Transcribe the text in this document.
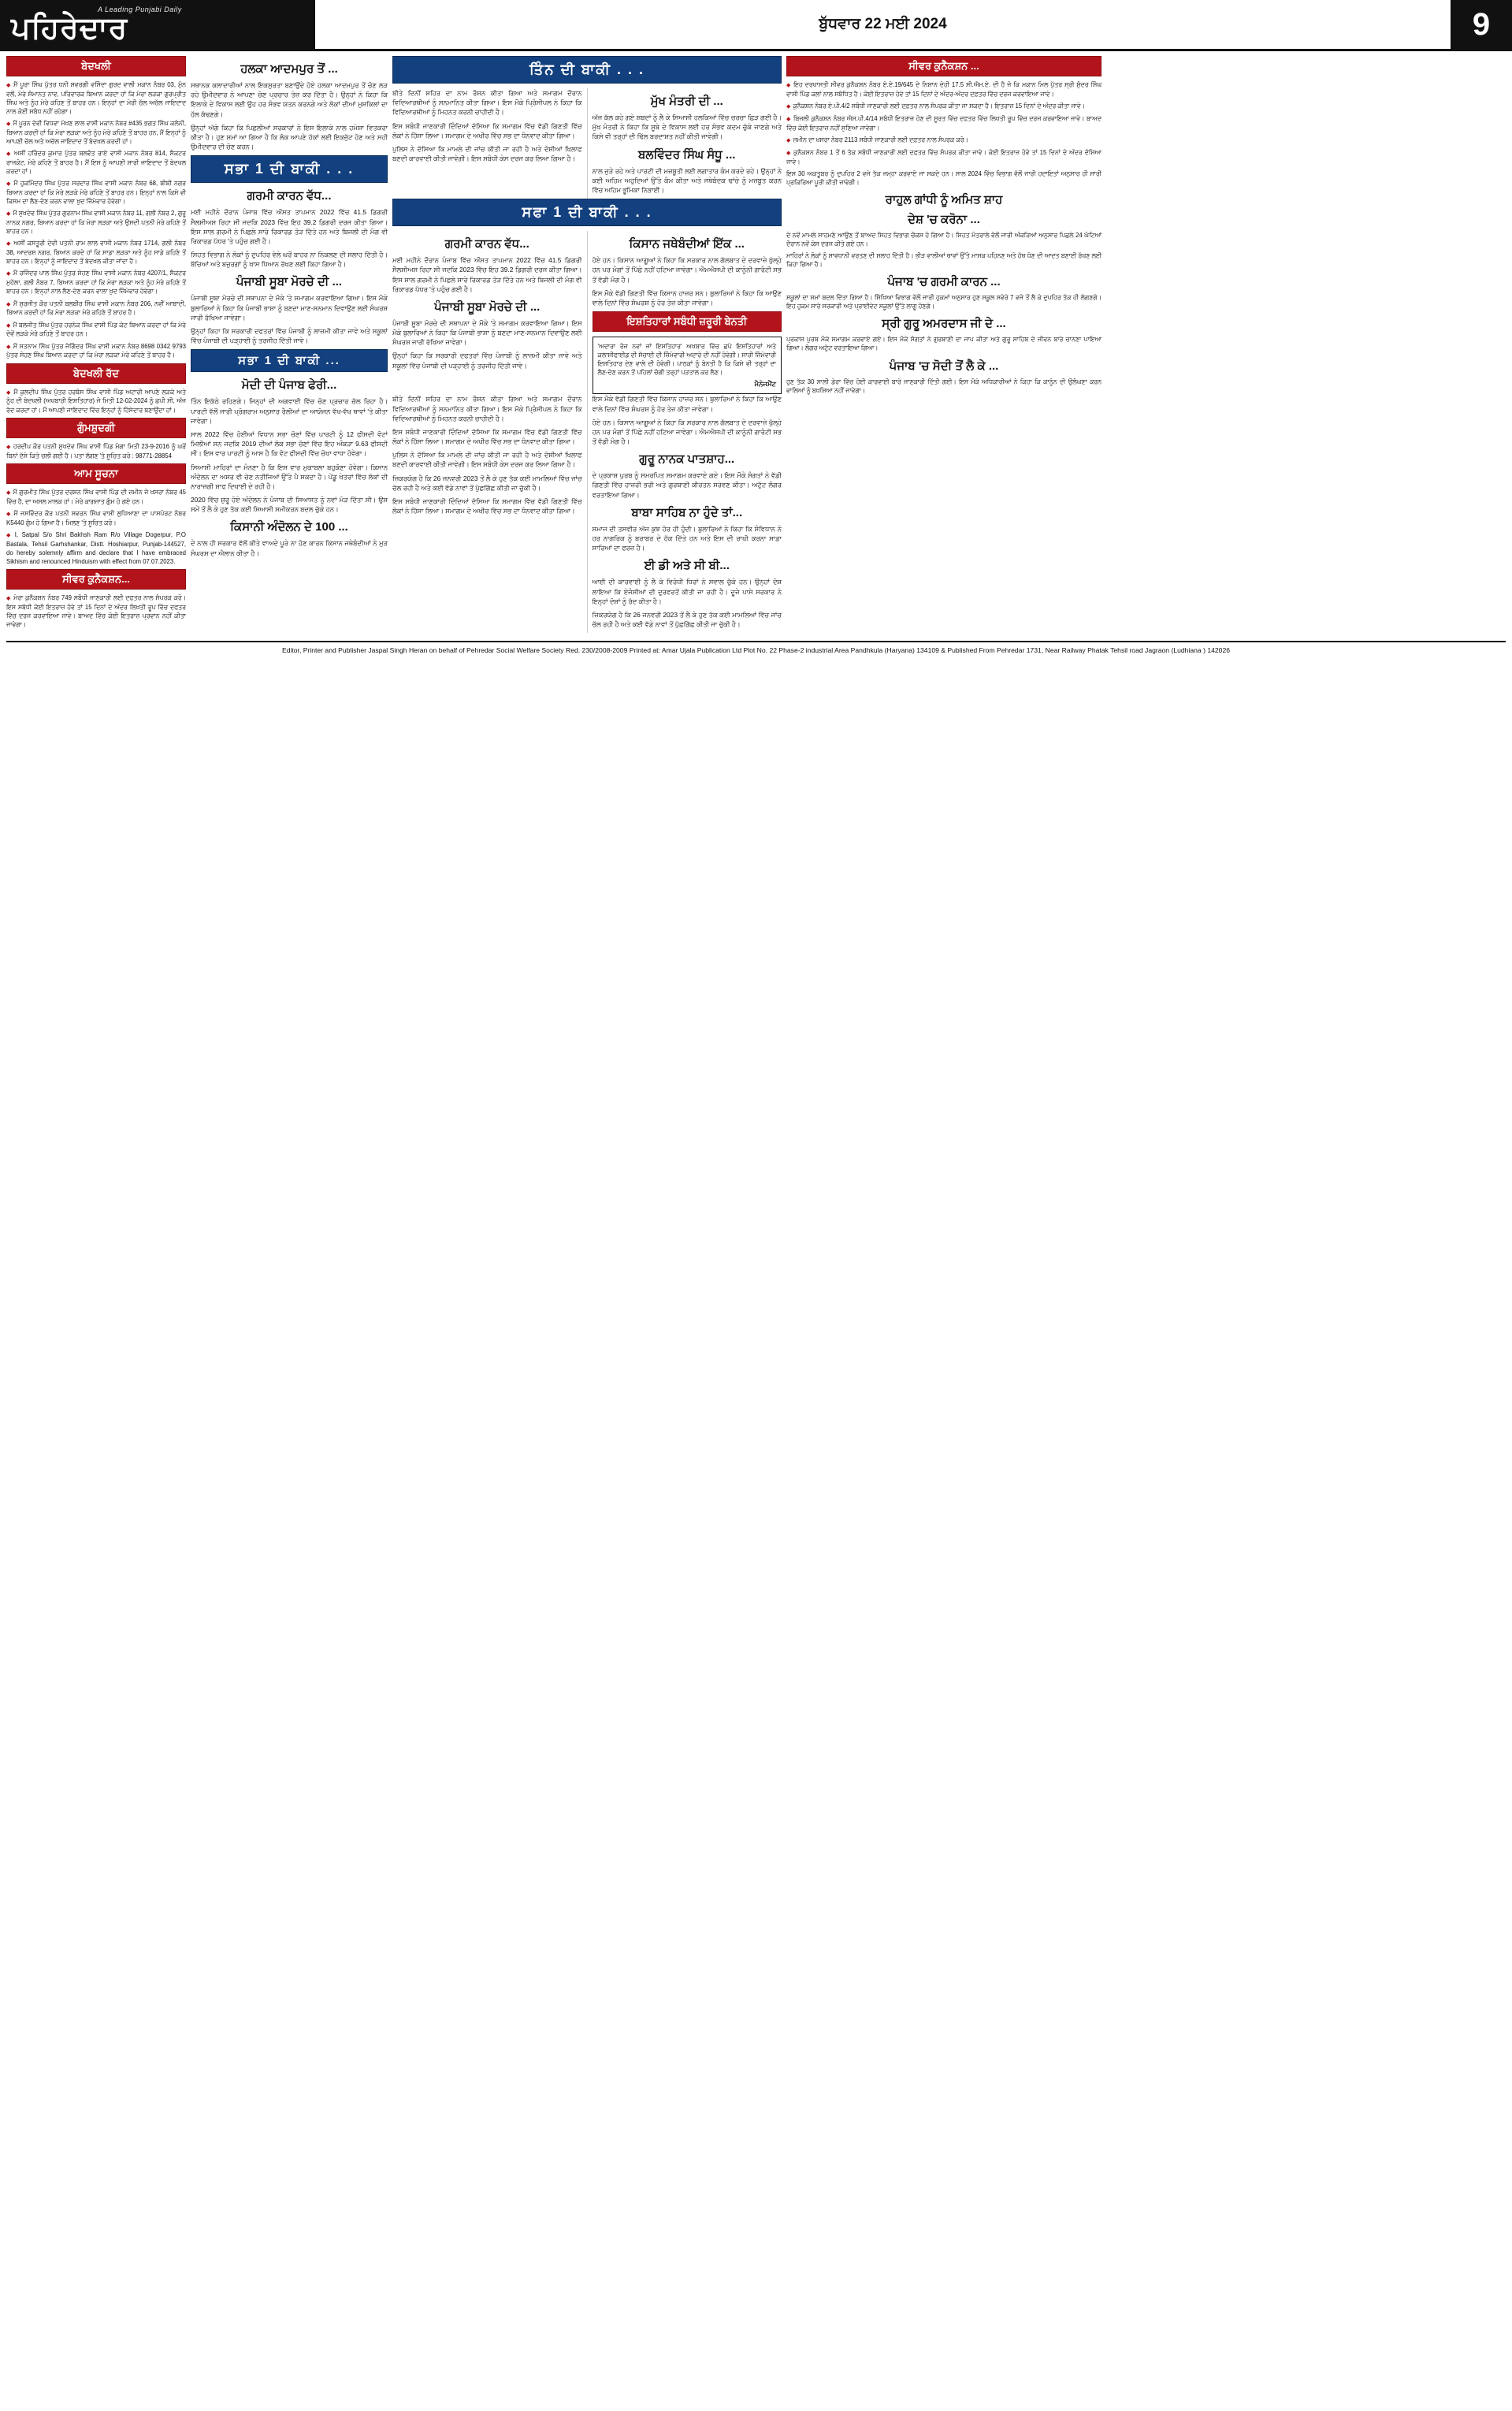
A Leading Punjabi Daily
ਪਹਿਰੇਦਾਰ	ਬੁੱਧਵਾਰ 22 ਮਈ 2024	9
ਬੇਦਖਲੀ

◆ ਮੈਂ ਪੂਰਾ ਸਿੰਘ ਪੁੱਤਰ ਧਨੀ ਸਵਰਗੀ ਵਸਿੰਦਾ ਗੁਰਦ ਵਾਲੀ ਮਕਾਨ ਨੰਬਰ 03, ਮੁੰਨ ਵਲੋਂ, ਮੇਰੇ ਸੰਮਾਨਤ ਨਾਵ, ਪਰਿਵਾਰਕ ਬਿਆਨ ਕਰਦਾ ਹਾਂ ਕਿ ਮੇਰਾ ਲੜਕਾ ਗੁਰਪ੍ਰੀਤ ਸਿੰਘ ਅਤੇ ਨੂੰਹ ਮੇਰੇ ਕਹਿਣ ਤੋਂ ਬਾਹਰ ਹਨ। ਇਨ੍ਹਾਂ ਦਾ ਮੇਰੀ ਚੱਲ ਅਚੱਲ ਜਾਇਦਾਦ ਨਾਲ ਕੋਈ ਸਬੰਧ ਨਹੀਂ ਰਹੇਗਾ।

◆ ਮੈਂ ਪੂਰਨ ਦੇਵੀ ਵਿਧਵਾ ਮੱਖਣ ਲਾਲ ਵਾਸੀ ਮਕਾਨ ਨੰਬਰ #435 ਭਗਤ ਸਿੰਘ ਕਲੋਨੀ, ਬਿਆਨ ਕਰਦੀ ਹਾਂ ਕਿ ਮੇਰਾ ਲੜਕਾ ਅਤੇ ਨੂੰਹ ਮੇਰੇ ਕਹਿਣੇ ਤੋਂ ਬਾਹਰ ਹਨ, ਮੈਂ ਇਨ੍ਹਾਂ ਨੂੰ ਆਪਣੀ ਚੱਲ ਅਤੇ ਅਚੱਲ ਜਾਇਦਾਦ ਤੋਂ ਬੇਦਖਲ ਕਰਦੀ ਹਾਂ।

◆ ਅਸੀਂ ਹਰਿੰਦਰ ਕੁਮਾਰ ਪੁੱਤਰ ਬਲਵੰਤ ਰਾਏ ਵਾਸੀ ਮਕਾਨ ਨੰਬਰ 814, ਸੈਕਟਰ ਰਾਜਕੋਟ, ਮੇਰੇ ਕਹਿਣੇ ਤੋਂ ਬਾਹਰ ਹੈ। ਮੈਂ ਇਸ ਨੂੰ ਆਪਣੀ ਸਾਰੀ ਜਾਇਦਾਦ ਤੋਂ ਬੇਦਖਲ ਕਰਦਾ ਹਾਂ।

◆ ਮੈਂ ਹੁਕਮਿੰਦਰ ਸਿੰਘ ਪੁੱਤਰ ਸਰਦਾਰ ਸਿੰਘ ਵਾਸੀ ਮਕਾਨ ਨੰਬਰ 68, ਬੀਬੀ ਨਗਰ ਬਿਆਨ ਕਰਦਾ ਹਾਂ ਕਿ ਮੇਰੇ ਲੜਕੇ ਮੇਰੇ ਕਹਿਣੇ ਤੋਂ ਬਾਹਰ ਹਨ। ਇਨ੍ਹਾਂ ਨਾਲ ਕਿਸੇ ਵੀ ਕਿਸਮ ਦਾ ਲੈਣ-ਦੇਣ ਕਰਨ ਵਾਲਾ ਖੁਦ ਜ਼ਿੰਮੇਵਾਰ ਹੋਵੇਗਾ।

◆ ਮੈਂ ਸੁਖਦੇਵ ਸਿੰਘ ਪੁੱਤਰ ਗੁਰਨਾਮ ਸਿੰਘ ਵਾਸੀ ਮਕਾਨ ਨੰਬਰ 11, ਗਲੀ ਨੰਬਰ 2, ਗੁਰੂ ਨਾਨਕ ਨਗਰ, ਬਿਆਨ ਕਰਦਾ ਹਾਂ ਕਿ ਮੇਰਾ ਲੜਕਾ ਅਤੇ ਉਸਦੀ ਪਤਨੀ ਮੇਰੇ ਕਹਿਣੇ ਤੋਂ ਬਾਹਰ ਹਨ।

◆ ਅਸੀਂ ਕਸਤੂਰੀ ਦੇਵੀ ਪਤਨੀ ਰਾਮ ਲਾਲ ਵਾਸੀ ਮਕਾਨ ਨੰਬਰ 1714, ਗਲੀ ਨੰਬਰ 38, ਆਦਰਸ਼ ਨਗਰ, ਬਿਆਨ ਕਰਦੇ ਹਾਂ ਕਿ ਸਾਡਾ ਲੜਕਾ ਅਤੇ ਨੂੰਹ ਸਾਡੇ ਕਹਿਣੇ ਤੋਂ ਬਾਹਰ ਹਨ। ਇਨ੍ਹਾਂ ਨੂੰ ਜਾਇਦਾਦ ਤੋਂ ਬੇਦਖਲ ਕੀਤਾ ਜਾਂਦਾ ਹੈ।

◆ ਮੈਂ ਰਜਿੰਦਰ ਪਾਲ ਸਿੰਘ ਪੁੱਤਰ ਸੋਹਣ ਸਿੰਘ ਵਾਸੀ ਮਕਾਨ ਨੰਬਰ 4207/1, ਸੈਕਟਰ ਮੁਹੱਲਾ, ਗਲੀ ਨੰਬਰ 7, ਬਿਆਨ ਕਰਦਾ ਹਾਂ ਕਿ ਮੇਰਾ ਲੜਕਾ ਅਤੇ ਨੂੰਹ ਮੇਰੇ ਕਹਿਣੇ ਤੋਂ ਬਾਹਰ ਹਨ। ਇਨ੍ਹਾਂ ਨਾਲ ਲੈਣ-ਦੇਣ ਕਰਨ ਵਾਲਾ ਖੁਦ ਜ਼ਿੰਮੇਵਾਰ ਹੋਵੇਗਾ।

◆ ਮੈਂ ਸੁਰਜੀਤ ਕੌਰ ਪਤਨੀ ਬਲਬੀਰ ਸਿੰਘ ਵਾਸੀ ਮਕਾਨ ਨੰਬਰ 206, ਨਵੀਂ ਆਬਾਦੀ, ਬਿਆਨ ਕਰਦੀ ਹਾਂ ਕਿ ਮੇਰਾ ਲੜਕਾ ਮੇਰੇ ਕਹਿਣੇ ਤੋਂ ਬਾਹਰ ਹੈ।

◆ ਮੈਂ ਬਲਜੀਤ ਸਿੰਘ ਪੁੱਤਰ ਹਰਨੇਕ ਸਿੰਘ ਵਾਸੀ ਪਿੰਡ ਕੋਟ ਬਿਆਨ ਕਰਦਾ ਹਾਂ ਕਿ ਮੇਰੇ ਦੋਵੇਂ ਲੜਕੇ ਮੇਰੇ ਕਹਿਣੇ ਤੋਂ ਬਾਹਰ ਹਨ।

◆ ਮੈਂ ਸਤਨਾਮ ਸਿੰਘ ਪੁੱਤਰ ਜੋਗਿੰਦਰ ਸਿੰਘ ਵਾਸੀ ਮਕਾਨ ਨੰਬਰ 8698 0342 9793 ਪੁੱਤਰ ਸੋਹਣ ਸਿੰਘ ਬਿਆਨ ਕਰਦਾ ਹਾਂ ਕਿ ਮੇਰਾ ਲੜਕਾ ਮੇਰੇ ਕਹਿਣੇ ਤੋਂ ਬਾਹਰ ਹੈ।

ਬੇਦਖਲੀ ਰੱਦ

◆ ਮੈਂ ਕੁਲਦੀਪ ਸਿੰਘ ਪੁੱਤਰ ਹਰਬੰਸ ਸਿੰਘ ਵਾਸੀ ਪਿੰਡ ਅਟਾਰੀ ਆਪਣੇ ਲੜਕੇ ਅਤੇ ਨੂੰਹ ਦੀ ਬੇਦਖਲੀ (ਅਖਬਾਰੀ ਇਸ਼ਤਿਹਾਰ) ਜੋ ਮਿਤੀ 12-02-2024 ਨੂੰ ਛਪੀ ਸੀ, ਅੱਜ ਰੱਦ ਕਰਦਾ ਹਾਂ। ਮੈਂ ਆਪਣੀ ਜਾਇਦਾਦ ਵਿੱਚ ਇਨ੍ਹਾਂ ਨੂੰ ਹਿੱਸੇਦਾਰ ਬਣਾਉਂਦਾ ਹਾਂ।

ਗੁੰਮਸ਼ੁਦਗੀ

◆ ਹਰਦੀਪ ਕੌਰ ਪਤਨੀ ਸੁਖਦੇਵ ਸਿੰਘ ਵਾਸੀ ਪਿੰਡ ਮੋਗਾ ਮਿਤੀ 23-9-2016 ਨੂੰ ਘਰੋਂ ਬਿਨਾਂ ਦੱਸੇ ਕਿਤੇ ਚਲੀ ਗਈ ਹੈ। ਪਤਾ ਲੱਗਣ 'ਤੇ ਸੂਚਿਤ ਕਰੋ : 98771-28854

ਆਮ ਸੂਚਨਾ

◆ ਮੈਂ ਗੁਰਮੀਤ ਸਿੰਘ ਪੁੱਤਰ ਦਰਸ਼ਨ ਸਿੰਘ ਵਾਸੀ ਪਿੰਡ ਦੀ ਜ਼ਮੀਨ ਜੋ ਖਸਰਾ ਨੰਬਰ 45 ਵਿੱਚ ਹੈ, ਦਾ ਅਸਲ ਮਾਲਕ ਹਾਂ। ਮੇਰੇ ਕਾਗਜ਼ਾਤ ਗੁੰਮ ਹੋ ਗਏ ਹਨ।

◆ ਮੈਂ ਜਸਵਿੰਦਰ ਕੌਰ ਪਤਨੀ ਸਵਰਨ ਸਿੰਘ ਵਾਸੀ ਲੁਧਿਆਣਾ ਦਾ ਪਾਸਪੋਰਟ ਨੰਬਰ K5440 ਗੁੰਮ ਹੋ ਗਿਆ ਹੈ। ਮਿਲਣ 'ਤੇ ਸੂਚਿਤ ਕਰੋ।

◆ I, Satpal S/o Shri Bakhsh Ram R/o Village Dogerpur, P.O Bastala, Tehsil Garhshankar, Distt. Hoshiarpur, Punjab-144527, do hereby solemnly affirm and declare that I have embraced Sikhism and renounced Hinduism with effect from 07.07.2023.

ਸੀਵਰ ਕੁਨੈਕਸ਼ਨ...

◆ ਮੇਰਾ ਕੁਨੈਕਸ਼ਨ ਨੰਬਰ 749 ਸਬੰਧੀ ਜਾਣਕਾਰੀ ਲਈ ਦਫਤਰ ਨਾਲ ਸੰਪਰਕ ਕਰੋ। ਇਸ ਸਬੰਧੀ ਕੋਈ ਇਤਰਾਜ਼ ਹੋਵੇ ਤਾਂ 15 ਦਿਨਾਂ ਦੇ ਅੰਦਰ ਲਿਖਤੀ ਰੂਪ ਵਿੱਚ ਦਫਤਰ ਵਿੱਚ ਦਰਜ ਕਰਵਾਇਆ ਜਾਵੇ। ਬਾਅਦ ਵਿੱਚ ਕੋਈ ਇਤਰਾਜ਼ ਪ੍ਰਵਾਨ ਨਹੀਂ ਕੀਤਾ ਜਾਵੇਗਾ।

ਹਲਕਾ ਆਦਮਪੁਰ ਤੋਂ ...

ਸਥਾਨਕ ਕਲਾਦਾਰੀਆਂ ਨਾਲ ਇਕਸੁਰਤਾ ਬਣਾਉਂਦੇ ਹੋਏ ਹਲਕਾ ਆਦਮਪੁਰ ਤੋਂ ਚੋਣ ਲੜ ਰਹੇ ਉਮੀਦਵਾਰ ਨੇ ਆਪਣਾ ਚੋਣ ਪ੍ਰਚਾਰ ਤੇਜ਼ ਕਰ ਦਿੱਤਾ ਹੈ। ਉਨ੍ਹਾਂ ਨੇ ਕਿਹਾ ਕਿ ਇਲਾਕੇ ਦੇ ਵਿਕਾਸ ਲਈ ਉਹ ਹਰ ਸੰਭਵ ਯਤਨ ਕਰਨਗੇ ਅਤੇ ਲੋਕਾਂ ਦੀਆਂ ਮੁਸ਼ਕਿਲਾਂ ਦਾ ਹੱਲ ਕੱਢਣਗੇ।

ਉਨ੍ਹਾਂ ਅੱਗੇ ਕਿਹਾ ਕਿ ਪਿਛਲੀਆਂ ਸਰਕਾਰਾਂ ਨੇ ਇਸ ਇਲਾਕੇ ਨਾਲ ਹਮੇਸ਼ਾ ਵਿਤਕਰਾ ਕੀਤਾ ਹੈ। ਹੁਣ ਸਮਾਂ ਆ ਗਿਆ ਹੈ ਕਿ ਲੋਕ ਆਪਣੇ ਹੱਕਾਂ ਲਈ ਇਕਜੁੱਟ ਹੋਣ ਅਤੇ ਸਹੀ ਉਮੀਦਵਾਰ ਦੀ ਚੋਣ ਕਰਨ।

ਸਭਾ 1 ਦੀ ਬਾਕੀ . . .
ਗਰਮੀ ਕਾਰਨ ਵੱਧ...

ਮਈ ਮਹੀਨੇ ਦੌਰਾਨ ਪੰਜਾਬ ਵਿੱਚ ਔਸਤ ਤਾਪਮਾਨ 2022 ਵਿੱਚ 41.5 ਡਿਗਰੀ ਸੈਲਸੀਅਸ ਰਿਹਾ ਸੀ ਜਦਕਿ 2023 ਵਿੱਚ ਇਹ 39.2 ਡਿਗਰੀ ਦਰਜ ਕੀਤਾ ਗਿਆ। ਇਸ ਸਾਲ ਗਰਮੀ ਨੇ ਪਿਛਲੇ ਸਾਰੇ ਰਿਕਾਰਡ ਤੋੜ ਦਿੱਤੇ ਹਨ ਅਤੇ ਬਿਜਲੀ ਦੀ ਮੰਗ ਵੀ ਰਿਕਾਰਡ ਪੱਧਰ 'ਤੇ ਪਹੁੰਚ ਗਈ ਹੈ।

ਸਿਹਤ ਵਿਭਾਗ ਨੇ ਲੋਕਾਂ ਨੂੰ ਦੁਪਹਿਰ ਵੇਲੇ ਘਰੋਂ ਬਾਹਰ ਨਾ ਨਿਕਲਣ ਦੀ ਸਲਾਹ ਦਿੱਤੀ ਹੈ। ਬੱਚਿਆਂ ਅਤੇ ਬਜ਼ੁਰਗਾਂ ਨੂੰ ਖਾਸ ਧਿਆਨ ਰੱਖਣ ਲਈ ਕਿਹਾ ਗਿਆ ਹੈ।

ਪੰਜਾਬੀ ਸੂਬਾ ਮੋਰਚੇ ਦੀ ...

ਪੰਜਾਬੀ ਸੂਬਾ ਮੋਰਚੇ ਦੀ ਸਥਾਪਨਾ ਦੇ ਮੌਕੇ 'ਤੇ ਸਮਾਗਮ ਕਰਵਾਇਆ ਗਿਆ। ਇਸ ਮੌਕੇ ਬੁਲਾਰਿਆਂ ਨੇ ਕਿਹਾ ਕਿ ਪੰਜਾਬੀ ਭਾਸ਼ਾ ਨੂੰ ਬਣਦਾ ਮਾਣ-ਸਨਮਾਨ ਦਿਵਾਉਣ ਲਈ ਸੰਘਰਸ਼ ਜਾਰੀ ਰੱਖਿਆ ਜਾਵੇਗਾ।

ਉਨ੍ਹਾਂ ਕਿਹਾ ਕਿ ਸਰਕਾਰੀ ਦਫਤਰਾਂ ਵਿੱਚ ਪੰਜਾਬੀ ਨੂੰ ਲਾਜ਼ਮੀ ਕੀਤਾ ਜਾਵੇ ਅਤੇ ਸਕੂਲਾਂ ਵਿੱਚ ਪੰਜਾਬੀ ਦੀ ਪੜ੍ਹਾਈ ਨੂੰ ਤਰਜੀਹ ਦਿੱਤੀ ਜਾਵੇ।

ਸਭਾ 1 ਦੀ ਬਾਕੀ ...
ਮੋਦੀ ਦੀ ਪੰਜਾਬ ਫੇਰੀ...

ਤਿੰਨ ਇਕੱਠੇ ਰਹਿਣਗੇ। ਜਿਨ੍ਹਾਂ ਦੀ ਅਗਵਾਈ ਵਿੱਚ ਚੋਣ ਪ੍ਰਚਾਰ ਚੱਲ ਰਿਹਾ ਹੈ। ਪਾਰਟੀ ਵੱਲੋਂ ਜਾਰੀ ਪ੍ਰੋਗਰਾਮ ਅਨੁਸਾਰ ਰੈਲੀਆਂ ਦਾ ਆਯੋਜਨ ਵੱਖ-ਵੱਖ ਥਾਵਾਂ 'ਤੇ ਕੀਤਾ ਜਾਵੇਗਾ।

ਸਾਲ 2022 ਵਿੱਚ ਹੋਈਆਂ ਵਿਧਾਨ ਸਭਾ ਚੋਣਾਂ ਵਿੱਚ ਪਾਰਟੀ ਨੂੰ 12 ਫੀਸਦੀ ਵੋਟਾਂ ਮਿਲੀਆਂ ਸਨ ਜਦਕਿ 2019 ਦੀਆਂ ਲੋਕ ਸਭਾ ਚੋਣਾਂ ਵਿੱਚ ਇਹ ਅੰਕੜਾ 9.63 ਫੀਸਦੀ ਸੀ। ਇਸ ਵਾਰ ਪਾਰਟੀ ਨੂੰ ਆਸ ਹੈ ਕਿ ਵੋਟ ਫੀਸਦੀ ਵਿੱਚ ਚੋਖਾ ਵਾਧਾ ਹੋਵੇਗਾ।

ਸਿਆਸੀ ਮਾਹਿਰਾਂ ਦਾ ਮੰਨਣਾ ਹੈ ਕਿ ਇਸ ਵਾਰ ਮੁਕਾਬਲਾ ਬਹੁਕੋਣਾ ਹੋਵੇਗਾ। ਕਿਸਾਨ ਅੰਦੋਲਨ ਦਾ ਅਸਰ ਵੀ ਚੋਣ ਨਤੀਜਿਆਂ ਉੱਤੇ ਪੈ ਸਕਦਾ ਹੈ। ਪੇਂਡੂ ਖੇਤਰਾਂ ਵਿੱਚ ਲੋਕਾਂ ਦੀ ਨਾਰਾਜ਼ਗੀ ਸਾਫ ਦਿਖਾਈ ਦੇ ਰਹੀ ਹੈ।

2020 ਵਿੱਚ ਸ਼ੁਰੂ ਹੋਏ ਅੰਦੋਲਨ ਨੇ ਪੰਜਾਬ ਦੀ ਸਿਆਸਤ ਨੂੰ ਨਵਾਂ ਮੋੜ ਦਿੱਤਾ ਸੀ। ਉਸ ਸਮੇਂ ਤੋਂ ਲੈ ਕੇ ਹੁਣ ਤੱਕ ਕਈ ਸਿਆਸੀ ਸਮੀਕਰਨ ਬਦਲ ਚੁੱਕੇ ਹਨ।

ਕਿਸਾਨੀ ਅੰਦੋਲਨ ਦੇ 100 ...

ਦੇ ਨਾਲ ਹੀ ਸਰਕਾਰ ਵੱਲੋਂ ਕੀਤੇ ਵਾਅਦੇ ਪੂਰੇ ਨਾ ਹੋਣ ਕਾਰਨ ਕਿਸਾਨ ਜਥੇਬੰਦੀਆਂ ਨੇ ਮੁੜ ਸੰਘਰਸ਼ ਦਾ ਐਲਾਨ ਕੀਤਾ ਹੈ।

ਤਿੰਨ ਦੀ ਬਾਕੀ . . .

ਬੀਤੇ ਦਿਨੀਂ ਸ਼ਹਿਰ ਦਾ ਨਾਮ ਰੌਸ਼ਨ ਕੀਤਾ ਗਿਆ ਅਤੇ ਸਮਾਗਮ ਦੌਰਾਨ ਵਿਦਿਆਰਥੀਆਂ ਨੂੰ ਸਨਮਾਨਿਤ ਕੀਤਾ ਗਿਆ। ਇਸ ਮੌਕੇ ਪ੍ਰਿੰਸੀਪਲ ਨੇ ਕਿਹਾ ਕਿ ਵਿਦਿਆਰਥੀਆਂ ਨੂੰ ਮਿਹਨਤ ਕਰਨੀ ਚਾਹੀਦੀ ਹੈ।

ਇਸ ਸਬੰਧੀ ਜਾਣਕਾਰੀ ਦਿੰਦਿਆਂ ਦੱਸਿਆ ਕਿ ਸਮਾਗਮ ਵਿੱਚ ਵੱਡੀ ਗਿਣਤੀ ਵਿੱਚ ਲੋਕਾਂ ਨੇ ਹਿੱਸਾ ਲਿਆ। ਸਮਾਗਮ ਦੇ ਅਖੀਰ ਵਿੱਚ ਸਭ ਦਾ ਧੰਨਵਾਦ ਕੀਤਾ ਗਿਆ।

ਪੁਲਿਸ ਨੇ ਦੱਸਿਆ ਕਿ ਮਾਮਲੇ ਦੀ ਜਾਂਚ ਕੀਤੀ ਜਾ ਰਹੀ ਹੈ ਅਤੇ ਦੋਸ਼ੀਆਂ ਖਿਲਾਫ ਬਣਦੀ ਕਾਰਵਾਈ ਕੀਤੀ ਜਾਵੇਗੀ। ਇਸ ਸਬੰਧੀ ਕੇਸ ਦਰਜ ਕਰ ਲਿਆ ਗਿਆ ਹੈ।

ਮੁੱਖ ਮੰਤਰੀ ਦੀ ...

ਅੱਜ ਕੱਲ ਕਹੇ ਗਏ ਸ਼ਬਦਾਂ ਨੂੰ ਲੈ ਕੇ ਸਿਆਸੀ ਹਲਕਿਆਂ ਵਿੱਚ ਚਰਚਾ ਛਿੜ ਗਈ ਹੈ। ਮੁੱਖ ਮੰਤਰੀ ਨੇ ਕਿਹਾ ਕਿ ਸੂਬੇ ਦੇ ਵਿਕਾਸ ਲਈ ਹਰ ਸੰਭਵ ਕਦਮ ਚੁੱਕੇ ਜਾਣਗੇ ਅਤੇ ਕਿਸੇ ਵੀ ਤਰ੍ਹਾਂ ਦੀ ਢਿੱਲ ਬਰਦਾਸ਼ਤ ਨਹੀਂ ਕੀਤੀ ਜਾਵੇਗੀ।

ਬਲਵਿੰਦਰ ਸਿੰਘ ਸੰਧੂ ...

ਨਾਲ ਜੁੜੇ ਰਹੇ ਅਤੇ ਪਾਰਟੀ ਦੀ ਮਜ਼ਬੂਤੀ ਲਈ ਲਗਾਤਾਰ ਕੰਮ ਕਰਦੇ ਰਹੇ। ਉਨ੍ਹਾਂ ਨੇ ਕਈ ਅਹਿਮ ਅਹੁਦਿਆਂ ਉੱਤੇ ਕੰਮ ਕੀਤਾ ਅਤੇ ਜਥੇਬੰਦਕ ਢਾਂਚੇ ਨੂੰ ਮਜ਼ਬੂਤ ਕਰਨ ਵਿੱਚ ਅਹਿਮ ਭੂਮਿਕਾ ਨਿਭਾਈ।

ਸਫਾ 1 ਦੀ ਬਾਕੀ . . .
ਗਰਮੀ ਕਾਰਨ ਵੱਧ...

ਮਈ ਮਹੀਨੇ ਦੌਰਾਨ ਪੰਜਾਬ ਵਿੱਚ ਔਸਤ ਤਾਪਮਾਨ 2022 ਵਿੱਚ 41.5 ਡਿਗਰੀ ਸੈਲਸੀਅਸ ਰਿਹਾ ਸੀ ਜਦਕਿ 2023 ਵਿੱਚ ਇਹ 39.2 ਡਿਗਰੀ ਦਰਜ ਕੀਤਾ ਗਿਆ। ਇਸ ਸਾਲ ਗਰਮੀ ਨੇ ਪਿਛਲੇ ਸਾਰੇ ਰਿਕਾਰਡ ਤੋੜ ਦਿੱਤੇ ਹਨ ਅਤੇ ਬਿਜਲੀ ਦੀ ਮੰਗ ਵੀ ਰਿਕਾਰਡ ਪੱਧਰ 'ਤੇ ਪਹੁੰਚ ਗਈ ਹੈ।

ਪੰਜਾਬੀ ਸੂਬਾ ਮੋਰਚੇ ਦੀ ...

ਪੰਜਾਬੀ ਸੂਬਾ ਮੋਰਚੇ ਦੀ ਸਥਾਪਨਾ ਦੇ ਮੌਕੇ 'ਤੇ ਸਮਾਗਮ ਕਰਵਾਇਆ ਗਿਆ। ਇਸ ਮੌਕੇ ਬੁਲਾਰਿਆਂ ਨੇ ਕਿਹਾ ਕਿ ਪੰਜਾਬੀ ਭਾਸ਼ਾ ਨੂੰ ਬਣਦਾ ਮਾਣ-ਸਨਮਾਨ ਦਿਵਾਉਣ ਲਈ ਸੰਘਰਸ਼ ਜਾਰੀ ਰੱਖਿਆ ਜਾਵੇਗਾ।

ਉਨ੍ਹਾਂ ਕਿਹਾ ਕਿ ਸਰਕਾਰੀ ਦਫਤਰਾਂ ਵਿੱਚ ਪੰਜਾਬੀ ਨੂੰ ਲਾਜ਼ਮੀ ਕੀਤਾ ਜਾਵੇ ਅਤੇ ਸਕੂਲਾਂ ਵਿੱਚ ਪੰਜਾਬੀ ਦੀ ਪੜ੍ਹਾਈ ਨੂੰ ਤਰਜੀਹ ਦਿੱਤੀ ਜਾਵੇ।

ਕਿਸਾਨ ਜਥੇਬੰਦੀਆਂ ਇੱਕ ...

ਹੋਏ ਹਨ। ਕਿਸਾਨ ਆਗੂਆਂ ਨੇ ਕਿਹਾ ਕਿ ਸਰਕਾਰ ਨਾਲ ਗੱਲਬਾਤ ਦੇ ਦਰਵਾਜ਼ੇ ਖੁੱਲ੍ਹੇ ਹਨ ਪਰ ਮੰਗਾਂ ਤੋਂ ਪਿੱਛੇ ਨਹੀਂ ਹਟਿਆ ਜਾਵੇਗਾ। ਐਮਐਸਪੀ ਦੀ ਕਾਨੂੰਨੀ ਗਾਰੰਟੀ ਸਭ ਤੋਂ ਵੱਡੀ ਮੰਗ ਹੈ।

ਇਸ ਮੌਕੇ ਵੱਡੀ ਗਿਣਤੀ ਵਿੱਚ ਕਿਸਾਨ ਹਾਜ਼ਰ ਸਨ। ਬੁਲਾਰਿਆਂ ਨੇ ਕਿਹਾ ਕਿ ਆਉਣ ਵਾਲੇ ਦਿਨਾਂ ਵਿੱਚ ਸੰਘਰਸ਼ ਨੂੰ ਹੋਰ ਤੇਜ਼ ਕੀਤਾ ਜਾਵੇਗਾ।

ਇਸ਼ਤਿਹਾਰਾਂ ਸਬੰਧੀ ਜ਼ਰੂਰੀ ਬੇਨਤੀ
'ਅਦਾਰਾ ਰੋਜ਼ ਨਵਾਂ ਜਾਂ ਇਸ਼ਤਿਹਾਰ' ਅਖਬਾਰ ਵਿੱਚ ਛਪੇ ਇਸ਼ਤਿਹਾਰਾਂ ਅਤੇ ਕਲਾਸੀਫਾਈਡ ਦੀ ਸੱਚਾਈ ਦੀ ਜ਼ਿੰਮੇਵਾਰੀ ਅਦਾਰੇ ਦੀ ਨਹੀਂ ਹੋਵੇਗੀ। ਸਾਰੀ ਜ਼ਿੰਮੇਵਾਰੀ ਇਸ਼ਤਿਹਾਰ ਦੇਣ ਵਾਲੇ ਦੀ ਹੋਵੇਗੀ। ਪਾਠਕਾਂ ਨੂੰ ਬੇਨਤੀ ਹੈ ਕਿ ਕਿਸੇ ਵੀ ਤਰ੍ਹਾਂ ਦਾ ਲੈਣ-ਦੇਣ ਕਰਨ ਤੋਂ ਪਹਿਲਾਂ ਚੰਗੀ ਤਰ੍ਹਾਂ ਪੜਤਾਲ ਕਰ ਲੈਣ।
ਮੈਨੇਜਮੈਂਟ

ਬੀਤੇ ਦਿਨੀਂ ਸ਼ਹਿਰ ਦਾ ਨਾਮ ਰੌਸ਼ਨ ਕੀਤਾ ਗਿਆ ਅਤੇ ਸਮਾਗਮ ਦੌਰਾਨ ਵਿਦਿਆਰਥੀਆਂ ਨੂੰ ਸਨਮਾਨਿਤ ਕੀਤਾ ਗਿਆ। ਇਸ ਮੌਕੇ ਪ੍ਰਿੰਸੀਪਲ ਨੇ ਕਿਹਾ ਕਿ ਵਿਦਿਆਰਥੀਆਂ ਨੂੰ ਮਿਹਨਤ ਕਰਨੀ ਚਾਹੀਦੀ ਹੈ।

ਇਸ ਸਬੰਧੀ ਜਾਣਕਾਰੀ ਦਿੰਦਿਆਂ ਦੱਸਿਆ ਕਿ ਸਮਾਗਮ ਵਿੱਚ ਵੱਡੀ ਗਿਣਤੀ ਵਿੱਚ ਲੋਕਾਂ ਨੇ ਹਿੱਸਾ ਲਿਆ। ਸਮਾਗਮ ਦੇ ਅਖੀਰ ਵਿੱਚ ਸਭ ਦਾ ਧੰਨਵਾਦ ਕੀਤਾ ਗਿਆ।

ਪੁਲਿਸ ਨੇ ਦੱਸਿਆ ਕਿ ਮਾਮਲੇ ਦੀ ਜਾਂਚ ਕੀਤੀ ਜਾ ਰਹੀ ਹੈ ਅਤੇ ਦੋਸ਼ੀਆਂ ਖਿਲਾਫ ਬਣਦੀ ਕਾਰਵਾਈ ਕੀਤੀ ਜਾਵੇਗੀ। ਇਸ ਸਬੰਧੀ ਕੇਸ ਦਰਜ ਕਰ ਲਿਆ ਗਿਆ ਹੈ।

ਜ਼ਿਕਰਯੋਗ ਹੈ ਕਿ 26 ਜਨਵਰੀ 2023 ਤੋਂ ਲੈ ਕੇ ਹੁਣ ਤੱਕ ਕਈ ਮਾਮਲਿਆਂ ਵਿੱਚ ਜਾਂਚ ਚੱਲ ਰਹੀ ਹੈ ਅਤੇ ਕਈ ਵੱਡੇ ਨਾਵਾਂ ਤੋਂ ਪੁੱਛਗਿੱਛ ਕੀਤੀ ਜਾ ਚੁੱਕੀ ਹੈ।

ਇਸ ਸਬੰਧੀ ਜਾਣਕਾਰੀ ਦਿੰਦਿਆਂ ਦੱਸਿਆ ਕਿ ਸਮਾਗਮ ਵਿੱਚ ਵੱਡੀ ਗਿਣਤੀ ਵਿੱਚ ਲੋਕਾਂ ਨੇ ਹਿੱਸਾ ਲਿਆ। ਸਮਾਗਮ ਦੇ ਅਖੀਰ ਵਿੱਚ ਸਭ ਦਾ ਧੰਨਵਾਦ ਕੀਤਾ ਗਿਆ।

ਇਸ ਮੌਕੇ ਵੱਡੀ ਗਿਣਤੀ ਵਿੱਚ ਕਿਸਾਨ ਹਾਜ਼ਰ ਸਨ। ਬੁਲਾਰਿਆਂ ਨੇ ਕਿਹਾ ਕਿ ਆਉਣ ਵਾਲੇ ਦਿਨਾਂ ਵਿੱਚ ਸੰਘਰਸ਼ ਨੂੰ ਹੋਰ ਤੇਜ਼ ਕੀਤਾ ਜਾਵੇਗਾ।

ਹੋਏ ਹਨ। ਕਿਸਾਨ ਆਗੂਆਂ ਨੇ ਕਿਹਾ ਕਿ ਸਰਕਾਰ ਨਾਲ ਗੱਲਬਾਤ ਦੇ ਦਰਵਾਜ਼ੇ ਖੁੱਲ੍ਹੇ ਹਨ ਪਰ ਮੰਗਾਂ ਤੋਂ ਪਿੱਛੇ ਨਹੀਂ ਹਟਿਆ ਜਾਵੇਗਾ। ਐਮਐਸਪੀ ਦੀ ਕਾਨੂੰਨੀ ਗਾਰੰਟੀ ਸਭ ਤੋਂ ਵੱਡੀ ਮੰਗ ਹੈ।

ਗੁਰੂ ਨਾਨਕ ਪਾਤਸ਼ਾਹ...

ਦੇ ਪ੍ਰਕਾਸ਼ ਪੁਰਬ ਨੂੰ ਸਮਰਪਿਤ ਸਮਾਗਮ ਕਰਵਾਏ ਗਏ। ਇਸ ਮੌਕੇ ਸੰਗਤਾਂ ਨੇ ਵੱਡੀ ਗਿਣਤੀ ਵਿੱਚ ਹਾਜ਼ਰੀ ਭਰੀ ਅਤੇ ਗੁਰਬਾਣੀ ਕੀਰਤਨ ਸਰਵਣ ਕੀਤਾ। ਅਟੁੱਟ ਲੰਗਰ ਵਰਤਾਇਆ ਗਿਆ।

ਬਾਬਾ ਸਾਹਿਬ ਨਾ ਹੁੰਦੇ ਤਾਂ...

ਸਮਾਜ ਦੀ ਤਸਵੀਰ ਅੱਜ ਕੁਝ ਹੋਰ ਹੀ ਹੁੰਦੀ। ਬੁਲਾਰਿਆਂ ਨੇ ਕਿਹਾ ਕਿ ਸੰਵਿਧਾਨ ਨੇ ਹਰ ਨਾਗਰਿਕ ਨੂੰ ਬਰਾਬਰ ਦੇ ਹੱਕ ਦਿੱਤੇ ਹਨ ਅਤੇ ਇਸ ਦੀ ਰਾਖੀ ਕਰਨਾ ਸਾਡਾ ਸਾਰਿਆਂ ਦਾ ਫਰਜ਼ ਹੈ।

ਈ ਡੀ ਅਤੇ ਸੀ ਬੀ...

ਆਈ ਦੀ ਕਾਰਵਾਈ ਨੂੰ ਲੈ ਕੇ ਵਿਰੋਧੀ ਧਿਰਾਂ ਨੇ ਸਵਾਲ ਚੁੱਕੇ ਹਨ। ਉਨ੍ਹਾਂ ਦੋਸ਼ ਲਾਇਆ ਕਿ ਏਜੰਸੀਆਂ ਦੀ ਦੁਰਵਰਤੋਂ ਕੀਤੀ ਜਾ ਰਹੀ ਹੈ। ਦੂਜੇ ਪਾਸੇ ਸਰਕਾਰ ਨੇ ਇਨ੍ਹਾਂ ਦੋਸ਼ਾਂ ਨੂੰ ਰੱਦ ਕੀਤਾ ਹੈ।

ਜ਼ਿਕਰਯੋਗ ਹੈ ਕਿ 26 ਜਨਵਰੀ 2023 ਤੋਂ ਲੈ ਕੇ ਹੁਣ ਤੱਕ ਕਈ ਮਾਮਲਿਆਂ ਵਿੱਚ ਜਾਂਚ ਚੱਲ ਰਹੀ ਹੈ ਅਤੇ ਕਈ ਵੱਡੇ ਨਾਵਾਂ ਤੋਂ ਪੁੱਛਗਿੱਛ ਕੀਤੀ ਜਾ ਚੁੱਕੀ ਹੈ।

ਸੀਵਰ ਕੁਨੈਕਸ਼ਨ ...

◆ ਇਹ ਦਰਖਾਸਤੀ ਸੀਵਰ ਕੁਨੈਕਸ਼ਨ ਨੰਬਰ ਏ.ਏ.19/645 ਦੇ ਨਿਸ਼ਾਨ ਦੇਹੀ 17.5 ਸੀ.ਐਮ.ਏ. ਦੀ ਹੈ ਜੋ ਕਿ ਮਕਾਨ ਮਿਲ ਪੁੱਤਰ ਸ੍ਰੀ ਸੁੰਦਰ ਸਿੰਘ ਵਾਸੀ ਪਿੰਡ ਕਲਾਂ ਨਾਲ ਸਬੰਧਿਤ ਹੈ। ਕੋਈ ਇਤਰਾਜ਼ ਹੋਵੇ ਤਾਂ 15 ਦਿਨਾਂ ਦੇ ਅੰਦਰ-ਅੰਦਰ ਦਫ਼ਤਰ ਵਿੱਚ ਦਰਜ ਕਰਵਾਇਆ ਜਾਵੇ।

◆ ਕੁਨੈਕਸ਼ਨ ਨੰਬਰ ਏ.ਪੀ.4/2 ਸਬੰਧੀ ਜਾਣਕਾਰੀ ਲਈ ਦਫ਼ਤਰ ਨਾਲ ਸੰਪਰਕ ਕੀਤਾ ਜਾ ਸਕਦਾ ਹੈ। ਇਤਰਾਜ਼ 15 ਦਿਨਾਂ ਦੇ ਅੰਦਰ ਕੀਤਾ ਜਾਵੇ।

◆ ਬਿਜਲੀ ਕੁਨੈਕਸ਼ਨ ਨੰਬਰ ਐਸ.ਪੀ.4/14 ਸਬੰਧੀ ਇਤਰਾਜ਼ ਹੋਣ ਦੀ ਸੂਰਤ ਵਿੱਚ ਦਫ਼ਤਰ ਵਿੱਚ ਲਿਖਤੀ ਰੂਪ ਵਿੱਚ ਦਰਜ ਕਰਵਾਇਆ ਜਾਵੇ। ਬਾਅਦ ਵਿੱਚ ਕੋਈ ਇਤਰਾਜ਼ ਨਹੀਂ ਸੁਣਿਆ ਜਾਵੇਗਾ।

◆ ਜ਼ਮੀਨ ਦਾ ਖਸਰਾ ਨੰਬਰ 2113 ਸਬੰਧੀ ਜਾਣਕਾਰੀ ਲਈ ਦਫ਼ਤਰ ਨਾਲ ਸੰਪਰਕ ਕਰੋ।

◆ ਕੁਨੈਕਸ਼ਨ ਨੰਬਰ 1 ਤੋਂ 6 ਤੱਕ ਸਬੰਧੀ ਜਾਣਕਾਰੀ ਲਈ ਦਫ਼ਤਰ ਵਿੱਚ ਸੰਪਰਕ ਕੀਤਾ ਜਾਵੇ। ਕੋਈ ਇਤਰਾਜ਼ ਹੋਵੇ ਤਾਂ 15 ਦਿਨਾਂ ਦੇ ਅੰਦਰ ਦੱਸਿਆ ਜਾਵੇ।

ਇਸ 30 ਅਕਤੂਬਰ ਨੂੰ ਦੁਪਹਿਰ 2 ਵਜੇ ਤੱਕ ਜਮ੍ਹਾ ਕਰਵਾਏ ਜਾ ਸਕਦੇ ਹਨ। ਸਾਲ 2024 ਵਿੱਚ ਵਿਭਾਗ ਵੱਲੋਂ ਜਾਰੀ ਹਦਾਇਤਾਂ ਅਨੁਸਾਰ ਹੀ ਸਾਰੀ ਪ੍ਰਕਿਰਿਆ ਪੂਰੀ ਕੀਤੀ ਜਾਵੇਗੀ।

ਰਾਹੁਲ ਗਾਂਧੀ ਨੂੰ ਅਮਿਤ ਸ਼ਾਹ
ਦੇਸ਼ 'ਚ ਕਰੋਨਾ ...

ਦੇ ਨਵੇਂ ਮਾਮਲੇ ਸਾਹਮਣੇ ਆਉਣ ਤੋਂ ਬਾਅਦ ਸਿਹਤ ਵਿਭਾਗ ਚੌਕਸ ਹੋ ਗਿਆ ਹੈ। ਸਿਹਤ ਮੰਤਰਾਲੇ ਵੱਲੋਂ ਜਾਰੀ ਅੰਕੜਿਆਂ ਅਨੁਸਾਰ ਪਿਛਲੇ 24 ਘੰਟਿਆਂ ਦੌਰਾਨ ਨਵੇਂ ਕੇਸ ਦਰਜ ਕੀਤੇ ਗਏ ਹਨ।

ਮਾਹਿਰਾਂ ਨੇ ਲੋਕਾਂ ਨੂੰ ਸਾਵਧਾਨੀ ਵਰਤਣ ਦੀ ਸਲਾਹ ਦਿੱਤੀ ਹੈ। ਭੀੜ ਵਾਲੀਆਂ ਥਾਵਾਂ ਉੱਤੇ ਮਾਸਕ ਪਹਿਨਣ ਅਤੇ ਹੱਥ ਧੋਣ ਦੀ ਆਦਤ ਬਣਾਈ ਰੱਖਣ ਲਈ ਕਿਹਾ ਗਿਆ ਹੈ।

ਪੰਜਾਬ 'ਚ ਗਰਮੀ ਕਾਰਨ ...

ਸਕੂਲਾਂ ਦਾ ਸਮਾਂ ਬਦਲ ਦਿੱਤਾ ਗਿਆ ਹੈ। ਸਿੱਖਿਆ ਵਿਭਾਗ ਵੱਲੋਂ ਜਾਰੀ ਹੁਕਮਾਂ ਅਨੁਸਾਰ ਹੁਣ ਸਕੂਲ ਸਵੇਰੇ 7 ਵਜੇ ਤੋਂ ਲੈ ਕੇ ਦੁਪਹਿਰ ਤੱਕ ਹੀ ਲੱਗਣਗੇ। ਇਹ ਹੁਕਮ ਸਾਰੇ ਸਰਕਾਰੀ ਅਤੇ ਪ੍ਰਾਈਵੇਟ ਸਕੂਲਾਂ ਉੱਤੇ ਲਾਗੂ ਹੋਣਗੇ।

ਸ੍ਰੀ ਗੁਰੂ ਅਮਰਦਾਸ ਜੀ ਦੇ ...

ਪ੍ਰਕਾਸ਼ ਪੁਰਬ ਮੌਕੇ ਸਮਾਗਮ ਕਰਵਾਏ ਗਏ। ਇਸ ਮੌਕੇ ਸੰਗਤਾਂ ਨੇ ਗੁਰਬਾਣੀ ਦਾ ਜਾਪ ਕੀਤਾ ਅਤੇ ਗੁਰੂ ਸਾਹਿਬ ਦੇ ਜੀਵਨ ਬਾਰੇ ਚਾਨਣਾ ਪਾਇਆ ਗਿਆ। ਲੰਗਰ ਅਟੁੱਟ ਵਰਤਾਇਆ ਗਿਆ।

ਪੰਜਾਬ 'ਚ ਸੋਦੀ ਤੋਂ ਲੈ ਕੇ ...

ਹੁਣ ਤੱਕ 30 ਸਾਲੀ ਡੇਰਾ ਵਿੱਚ ਹੋਈ ਕਾਰਵਾਈ ਬਾਰੇ ਜਾਣਕਾਰੀ ਦਿੱਤੀ ਗਈ। ਇਸ ਮੌਕੇ ਅਧਿਕਾਰੀਆਂ ਨੇ ਕਿਹਾ ਕਿ ਕਾਨੂੰਨ ਦੀ ਉਲੰਘਣਾ ਕਰਨ ਵਾਲਿਆਂ ਨੂੰ ਬਖਸ਼ਿਆ ਨਹੀਂ ਜਾਵੇਗਾ।

Editor, Printer and Publisher Jaspal Singh Heran on behalf of Pehredar Social Welfare Society Red. 230/2008-2009 Printed at: Amar Ujala Publication Ltd Plot No. 22 Phase-2 industrial Area Pandhkula (Haryana) 134109 & Published From Pehredar 1731, Near Railway Phatak Tehsil road Jagraon (Ludhiana ) 142026
